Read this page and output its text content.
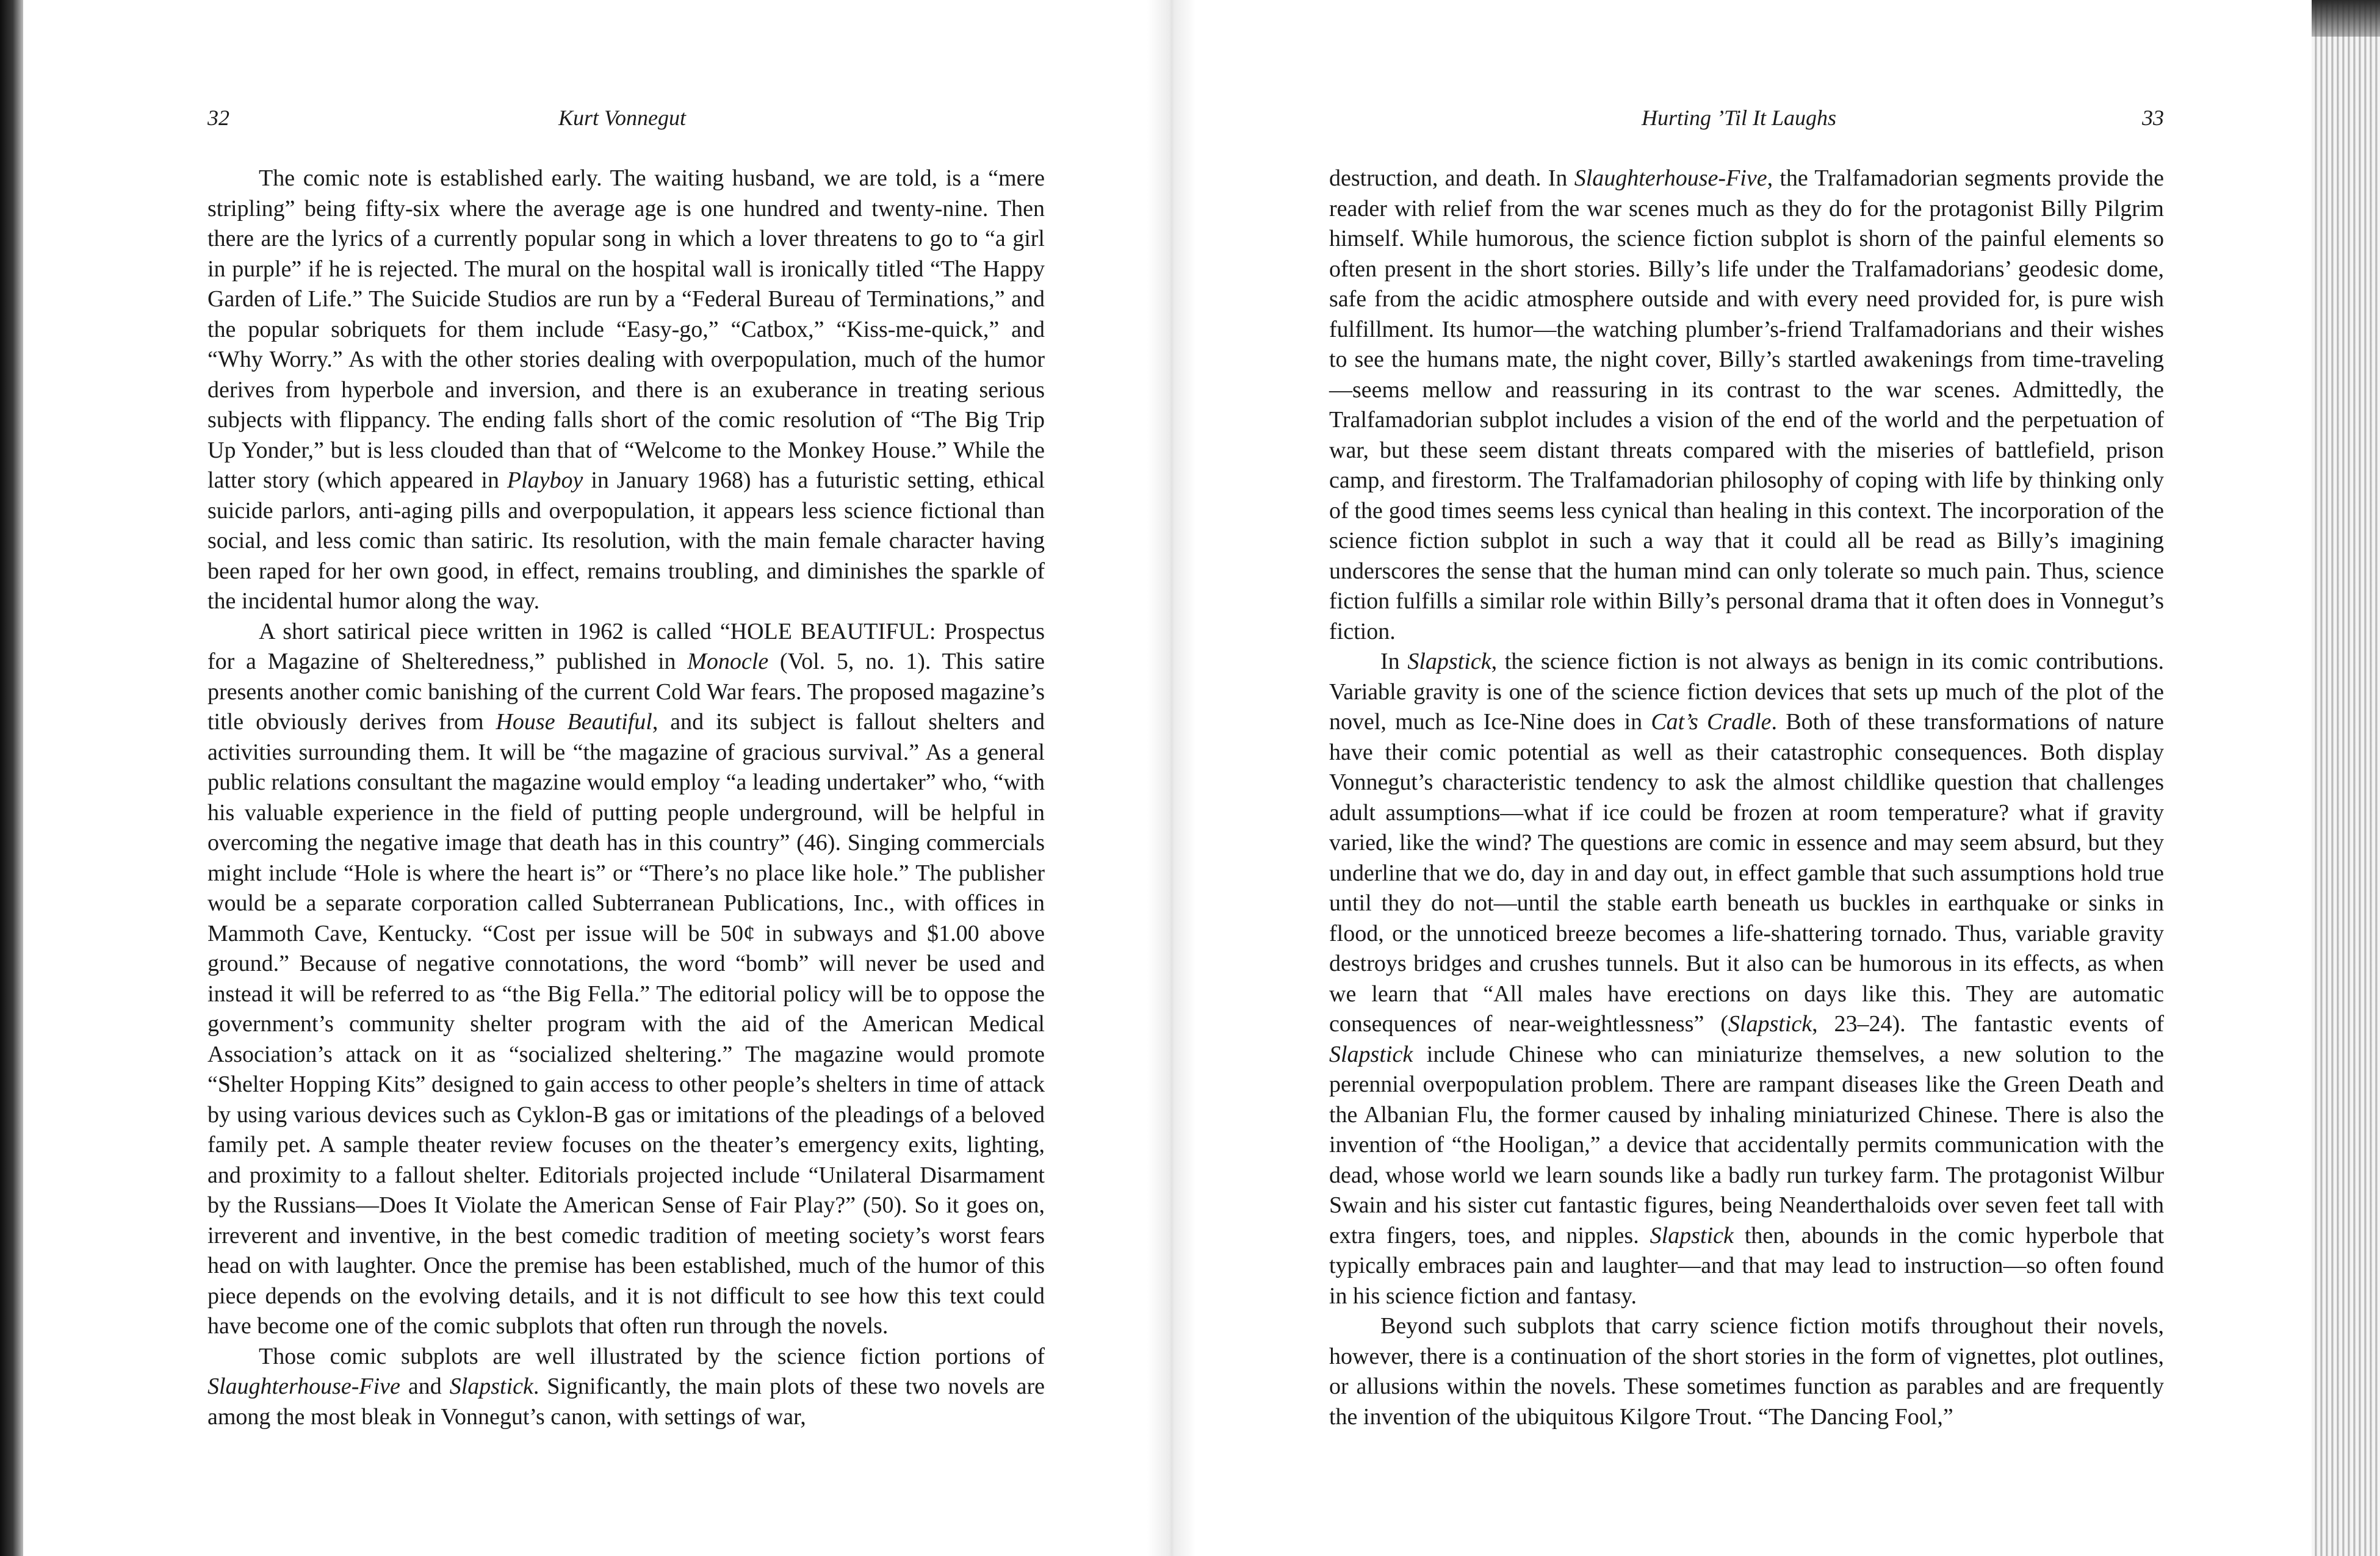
32	Kurt Vonnegut

The comic note is established early. The waiting husband, we are told, is a “mere stripling” being fifty-six where the average age is one hundred and twenty-nine. Then there are the lyrics of a currently popular song in which a lover threatens to go to “a girl in purple” if he is rejected. The mural on the hospital wall is ironically titled “The Happy Garden of Life.” The Suicide Studios are run by a “Federal Bureau of Terminations,” and the popular sobriquets for them include “Easy-go,” “Catbox,” “Kiss-me-quick,” and “Why Worry.” As with the other stories dealing with overpopulation, much of the humor derives from hyperbole and inversion, and there is an exuberance in treating serious subjects with flippancy. The ending falls short of the comic resolution of “The Big Trip Up Yonder,” but is less clouded than that of “Welcome to the Monkey House.” While the latter story (which appeared in Playboy in January 1968) has a futuristic setting, ethical suicide parlors, anti-aging pills and overpopulation, it appears less science fictional than social, and less comic than satiric. Its resolution, with the main female character having been raped for her own good, in effect, remains troubling, and diminishes the sparkle of the incidental humor along the way.

A short satirical piece written in 1962 is called “HOLE BEAUTIFUL: Prospectus for a Magazine of Shelteredness,” published in Monocle (Vol. 5, no. 1). This satire presents another comic banishing of the current Cold War fears. The proposed magazine’s title obviously derives from House Beautiful, and its subject is fallout shelters and activities surrounding them. It will be “the magazine of gracious survival.” As a general public relations consultant the magazine would employ “a leading undertaker” who, “with his valuable experience in the field of putting people underground, will be helpful in overcoming the negative image that death has in this country” (46). Singing commercials might include “Hole is where the heart is” or “There’s no place like hole.” The publisher would be a separate corporation called Subterranean Publications, Inc., with offices in Mammoth Cave, Kentucky. “Cost per issue will be 50¢ in subways and $1.00 above ground.” Because of negative connotations, the word “bomb” will never be used and instead it will be referred to as “the Big Fella.” The editorial policy will be to oppose the government’s community shelter program with the aid of the American Medical Association’s attack on it as “socialized sheltering.” The magazine would promote “Shelter Hopping Kits” designed to gain access to other people’s shelters in time of attack by using various devices such as Cyklon-B gas or imitations of the pleadings of a beloved family pet. A sample theater review focuses on the theater’s emergency exits, lighting, and proximity to a fallout shelter. Editorials projected include “Unilateral Disarmament by the Russians—Does It Violate the American Sense of Fair Play?” (50). So it goes on, irreverent and inventive, in the best comedic tradition of meeting society’s worst fears head on with laughter. Once the premise has been established, much of the humor of this piece depends on the evolving details, and it is not difficult to see how this text could have become one of the comic subplots that often run through the novels.

Those comic subplots are well illustrated by the science fiction portions of Slaughterhouse-Five and Slapstick. Significantly, the main plots of these two novels are among the most bleak in Vonnegut’s canon, with settings of war,

Hurting ’Til It Laughs	33

destruction, and death. In Slaughterhouse-Five, the Tralfamadorian segments provide the reader with relief from the war scenes much as they do for the protagonist Billy Pilgrim himself. While humorous, the science fiction subplot is shorn of the painful elements so often present in the short stories. Billy’s life under the Tralfamadorians’ geodesic dome, safe from the acidic atmosphere outside and with every need provided for, is pure wish fulfillment. Its humor—the watching plumber’s-friend Tralfamadorians and their wishes to see the humans mate, the night cover, Billy’s startled awakenings from time-traveling—seems mellow and reassuring in its contrast to the war scenes. Admittedly, the Tralfamadorian subplot includes a vision of the end of the world and the perpetuation of war, but these seem distant threats compared with the miseries of battlefield, prison camp, and firestorm. The Tralfamadorian philosophy of coping with life by thinking only of the good times seems less cynical than healing in this context. The incorporation of the science fiction subplot in such a way that it could all be read as Billy’s imagining underscores the sense that the human mind can only tolerate so much pain. Thus, science fiction fulfills a similar role within Billy’s personal drama that it often does in Vonnegut’s fiction.

In Slapstick, the science fiction is not always as benign in its comic contributions. Variable gravity is one of the science fiction devices that sets up much of the plot of the novel, much as Ice-Nine does in Cat’s Cradle. Both of these transformations of nature have their comic potential as well as their catastrophic consequences. Both display Vonnegut’s characteristic tendency to ask the almost childlike question that challenges adult assumptions—what if ice could be frozen at room temperature? what if gravity varied, like the wind? The questions are comic in essence and may seem absurd, but they underline that we do, day in and day out, in effect gamble that such assumptions hold true until they do not—until the stable earth beneath us buckles in earthquake or sinks in flood, or the unnoticed breeze becomes a life-shattering tornado. Thus, variable gravity destroys bridges and crushes tunnels. But it also can be humorous in its effects, as when we learn that “All males have erections on days like this. They are automatic consequences of near-weightlessness” (Slapstick, 23–24). The fantastic events of Slapstick include Chinese who can miniaturize themselves, a new solution to the perennial overpopulation problem. There are rampant diseases like the Green Death and the Albanian Flu, the former caused by inhaling miniaturized Chinese. There is also the invention of “the Hooligan,” a device that accidentally permits communication with the dead, whose world we learn sounds like a badly run turkey farm. The protagonist Wilbur Swain and his sister cut fantastic figures, being Neanderthaloids over seven feet tall with extra fingers, toes, and nipples. Slapstick then, abounds in the comic hyperbole that typically embraces pain and laughter—and that may lead to instruction—so often found in his science fiction and fantasy.

Beyond such subplots that carry science fiction motifs throughout their novels, however, there is a continuation of the short stories in the form of vignettes, plot outlines, or allusions within the novels. These sometimes function as parables and are frequently the invention of the ubiquitous Kilgore Trout. “The Dancing Fool,”
